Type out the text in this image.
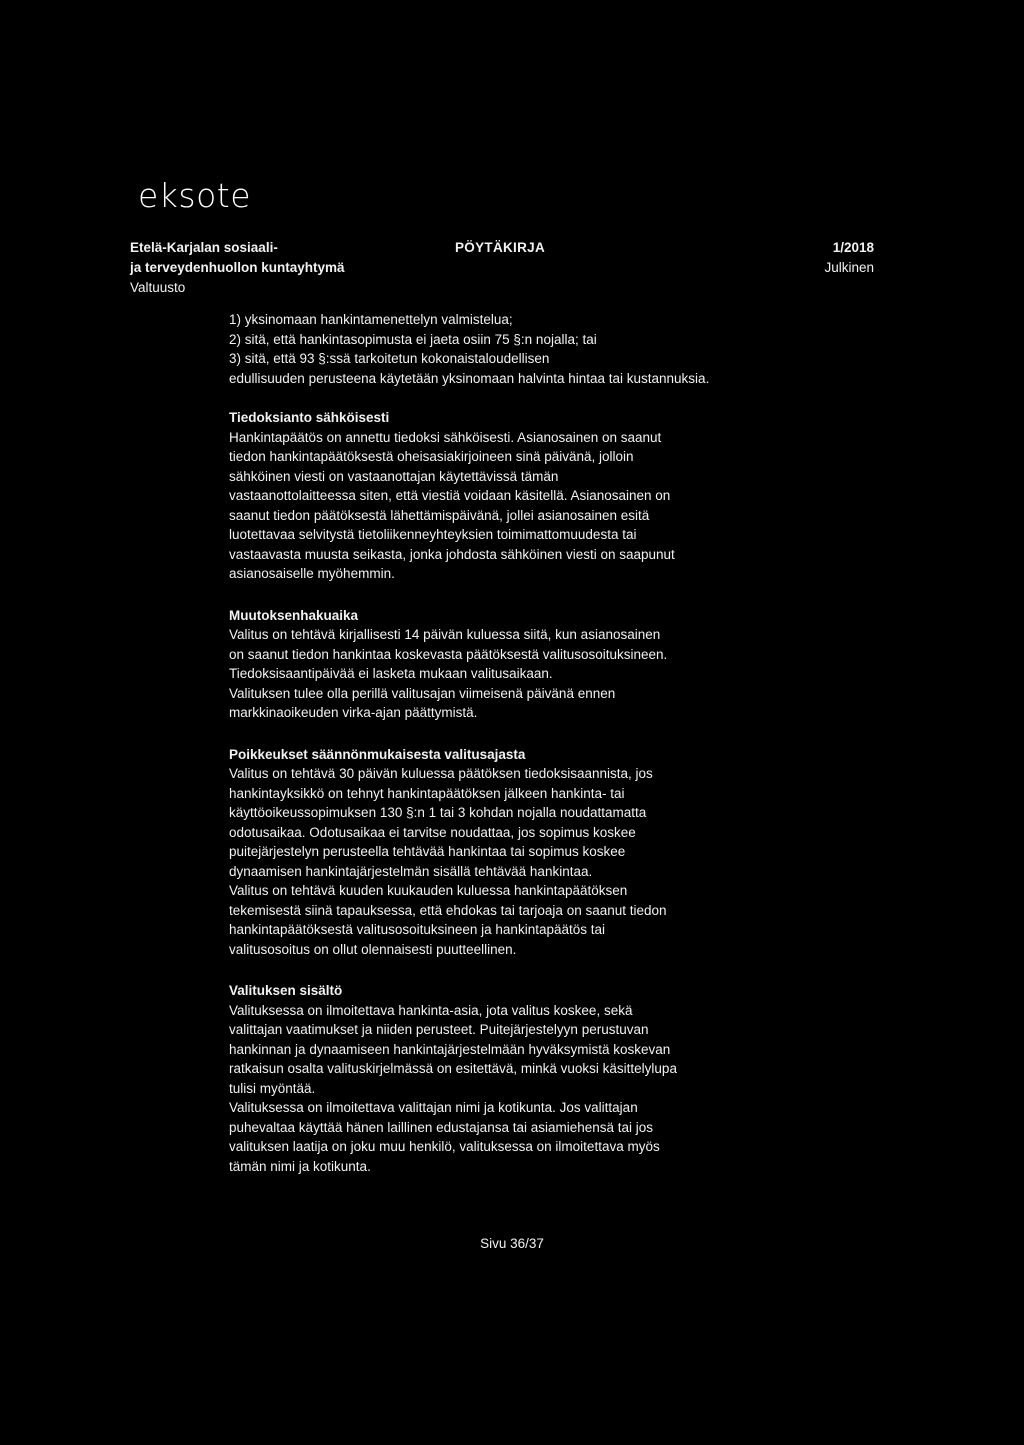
eksote
Etelä-Karjalan sosiaali-
ja terveydenhuollon kuntayhtymä
Valtuusto
PÖYTÄKIRJA	1/2018
Julkinen
1) yksinomaan hankintamenettelyn valmistelua;
2) sitä, että hankintasopimusta ei jaeta osiin 75 §:n nojalla; tai
3) sitä, että 93 §:ssä tarkoitetun kokonaistaloudellisen
edullisuuden perusteena käytetään yksinomaan halvinta hintaa tai kustannuksia.
Tiedoksianto sähköisesti
Hankintapäätös on annettu tiedoksi sähköisesti. Asianosainen on saanut
tiedon hankintapäätöksestä oheisasiakirjoineen sinä päivänä, jolloin
sähköinen viesti on vastaanottajan käytettävissä tämän
vastaanottolaitteessa siten, että viestiä voidaan käsitellä. Asianosainen on
saanut tiedon päätöksestä lähettämispäivänä, jollei asianosainen esitä
luotettavaa selvitystä tietoliikenneyhteyksien toimimattomuudesta tai
vastaavasta muusta seikasta, jonka johdosta sähköinen viesti on saapunut
asianosaiselle myöhemmin.
Muutoksenhakuaika
Valitus on tehtävä kirjallisesti 14 päivän kuluessa siitä, kun asianosainen
on saanut tiedon hankintaa koskevasta päätöksestä valitusosoituksineen.
Tiedoksisaantipäivää ei lasketa mukaan valitusaikaan.
Valituksen tulee olla perillä valitusajan viimeisenä päivänä ennen
markkinaoikeuden virka-ajan päättymistä.
Poikkeukset säännönmukaisesta valitusajasta
Valitus on tehtävä 30 päivän kuluessa päätöksen tiedoksisaannista, jos
hankintayksikkö on tehnyt hankintapäätöksen jälkeen hankinta- tai
käyttöoikeussopimuksen 130 §:n 1 tai 3 kohdan nojalla noudattamatta
odotusaikaa. Odotusaikaa ei tarvitse noudattaa, jos sopimus koskee
puitejärjestelyn perusteella tehtävää hankintaa tai sopimus koskee
dynaamisen hankintajärjestelmän sisällä tehtävää hankintaa.
Valitus on tehtävä kuuden kuukauden kuluessa hankintapäätöksen
tekemisestä siinä tapauksessa, että ehdokas tai tarjoaja on saanut tiedon
hankintapäätöksestä valitusosoituksineen ja hankintapäätös tai
valitusosoitus on ollut olennaisesti puutteellinen.
Valituksen sisältö
Valituksessa on ilmoitettava hankinta-asia, jota valitus koskee, sekä
valittajan vaatimukset ja niiden perusteet. Puitejärjestelyyn perustuvan
hankinnan ja dynaamiseen hankintajärjestelmään hyväksymistä koskevan
ratkaisun osalta valituskirjelmässä on esitettävä, minkä vuoksi käsittelylupa
tulisi myöntää.
Valituksessa on ilmoitettava valittajan nimi ja kotikunta. Jos valittajan
puhevaltaa käyttää hänen laillinen edustajansa tai asiamiehensä tai jos
valituksen laatija on joku muu henkilö, valituksessa on ilmoitettava myös
tämän nimi ja kotikunta.
Sivu 36/37
